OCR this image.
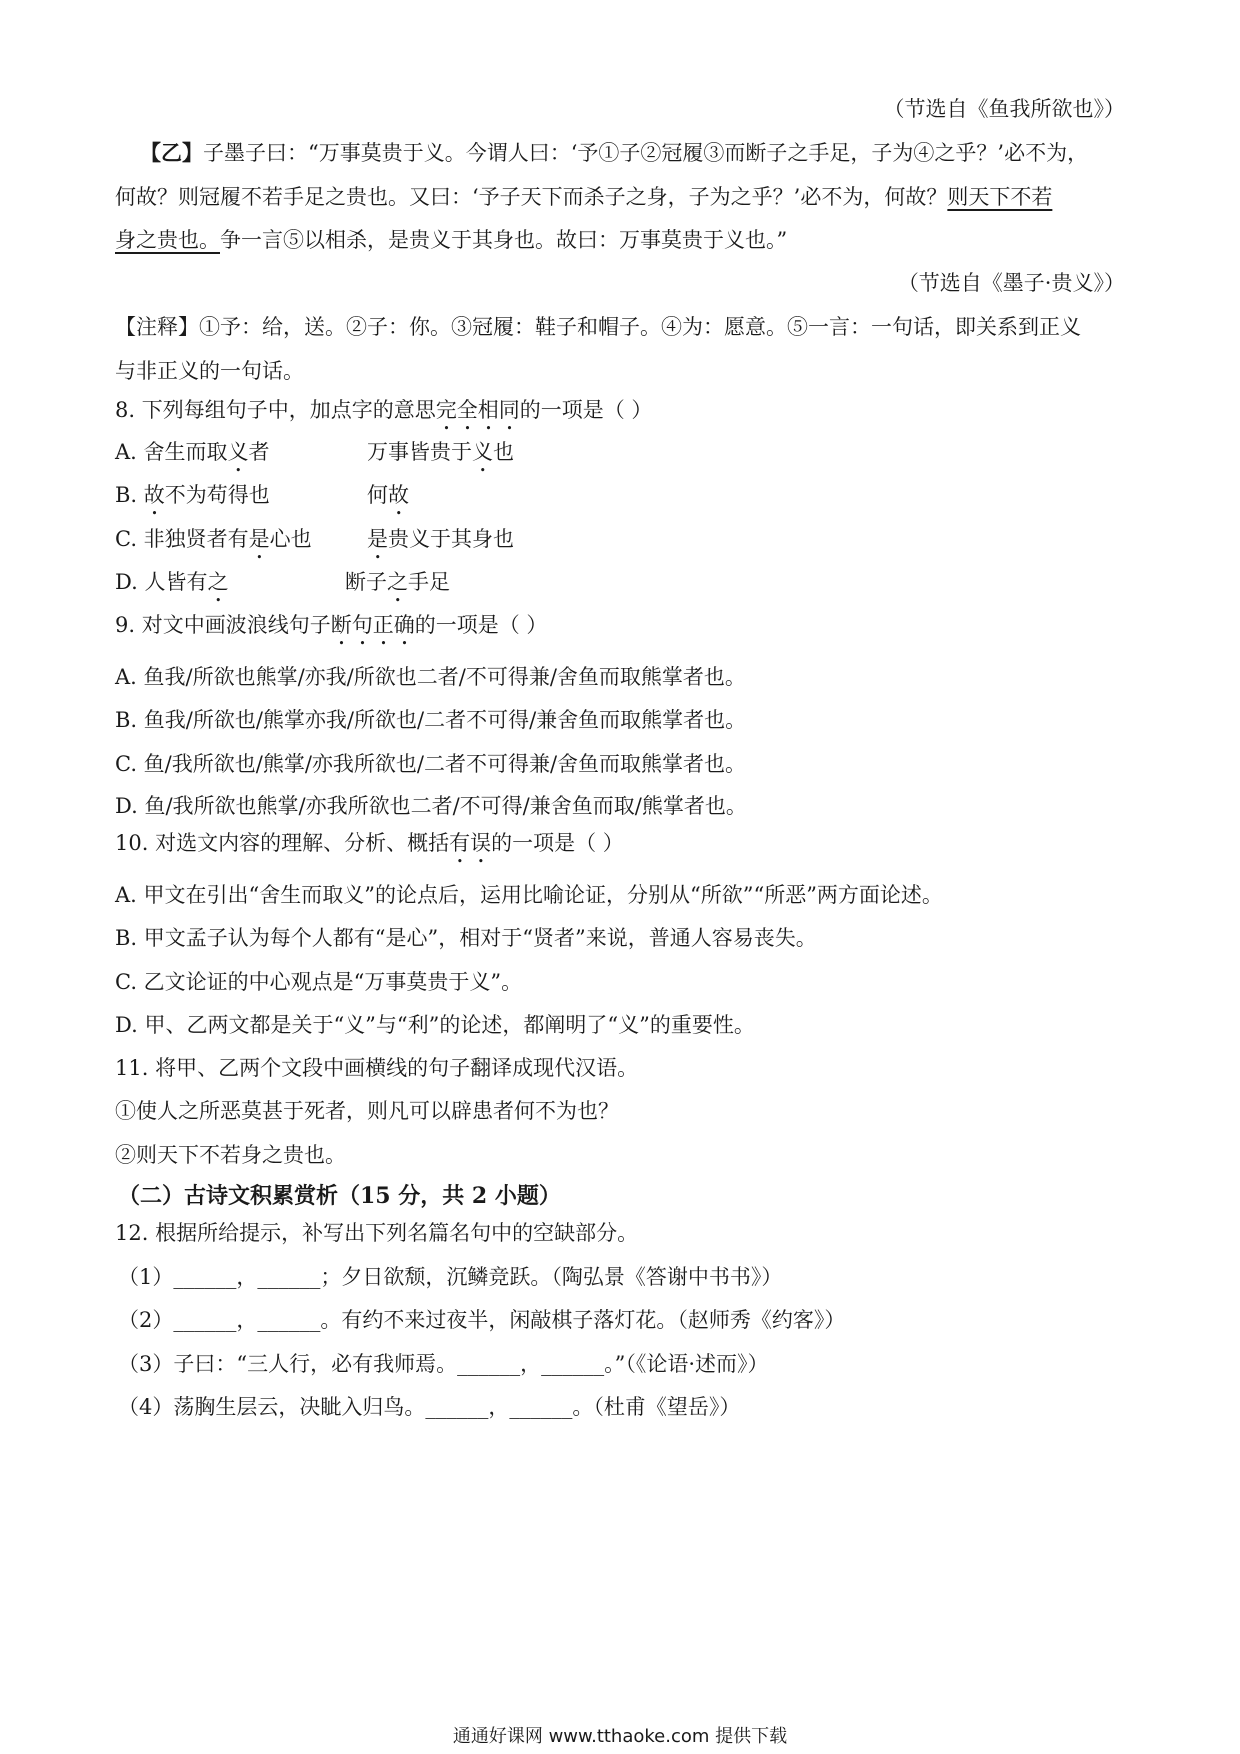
（节选自《鱼我所欲也》）
【乙】子墨子曰：“万事莫贵于义。今谓人曰：‘予①子②冠履③而断子之手足，子为④之乎？’必不为，
何故？则冠履不若手足之贵也。又曰：‘予子天下而杀子之身，子为之乎？’必不为，何故？则天下不若
身之贵也。争一言⑤以相杀，是贵义于其身也。故曰：万事莫贵于义也。”
（节选自《墨子·贵义》）
【注释】①予：给，送。②子：你。③冠履：鞋子和帽子。④为：愿意。⑤一言：一句话，即关系到正义
与非正义的一句话。
8. 下列每组句子中，加点字的意思完全相同的一项是（ ）
A. 舍生而取义者	万事皆贵于义也
B. 故不为苟得也	何故
C. 非独贤者有是心也	是贵义于其身也
D. 人皆有之	断子之手足
9. 对文中画波浪线句子断句正确的一项是（ ）
A. 鱼我/所欲也熊掌/亦我/所欲也二者/不可得兼/舍鱼而取熊掌者也。
B. 鱼我/所欲也/熊掌亦我/所欲也/二者不可得/兼舍鱼而取熊掌者也。
C. 鱼/我所欲也/熊掌/亦我所欲也/二者不可得兼/舍鱼而取熊掌者也。
D. 鱼/我所欲也熊掌/亦我所欲也二者/不可得/兼舍鱼而取/熊掌者也。
10. 对选文内容的理解、分析、概括有误的一项是（ ）
A. 甲文在引出“舍生而取义”的论点后，运用比喻论证，分别从“所欲”“所恶”两方面论述。
B. 甲文孟子认为每个人都有“是心”，相对于“贤者”来说，普通人容易丧失。
C. 乙文论证的中心观点是“万事莫贵于义”。
D. 甲、乙两文都是关于“义”与“利”的论述，都阐明了“义”的重要性。
11. 将甲、乙两个文段中画横线的句子翻译成现代汉语。
①使人之所恶莫甚于死者，则凡可以辟患者何不为也？
②则天下不若身之贵也。
（二）古诗文积累赏析（15 分，共 2 小题）
12. 根据所给提示，补写出下列名篇名句中的空缺部分。
（1）______，______；夕日欲颓，沉鳞竞跃。（陶弘景《答谢中书书》）
（2）______，______。有约不来过夜半，闲敲棋子落灯花。（赵师秀《约客》）
（3）子曰：“三人行，必有我师焉。______，______。”（《论语·述而》）
（4）荡胸生层云，决眦入归鸟。______，______。（杜甫《望岳》）
通通好课网 www.tthaoke.com 提供下载
